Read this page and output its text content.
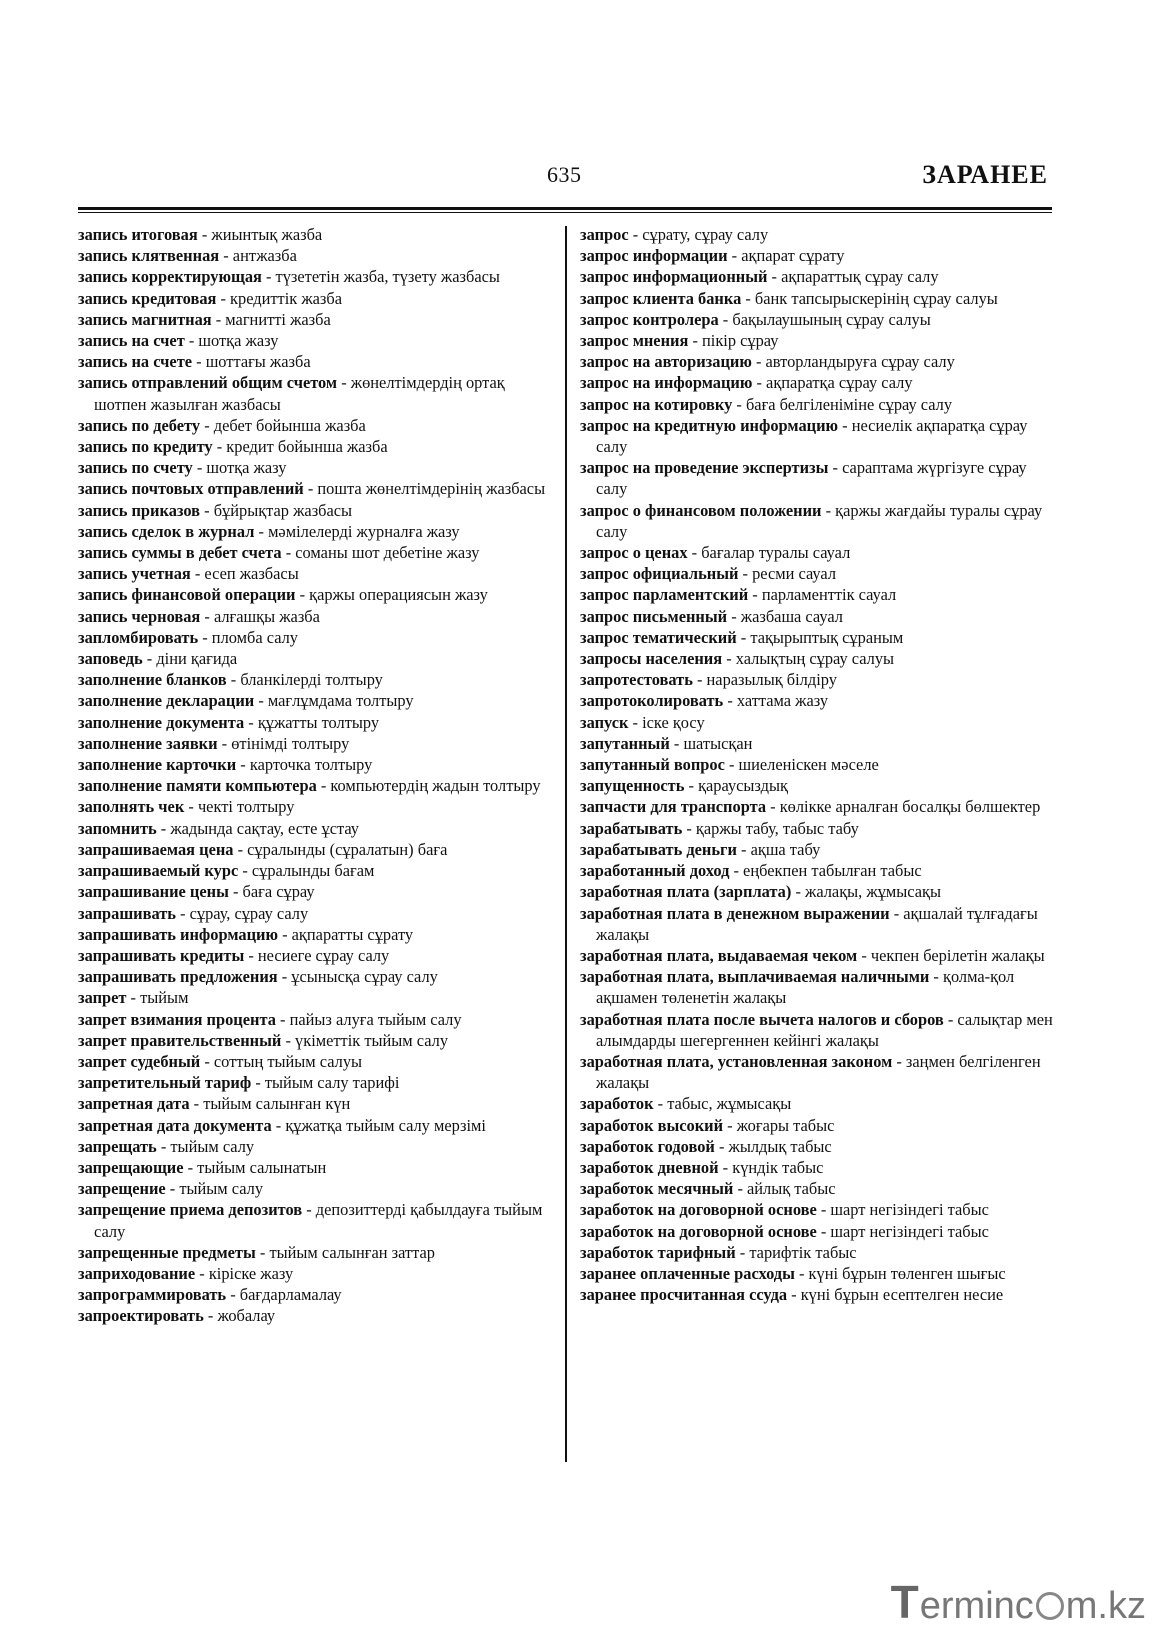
635	ЗАРАНЕЕ
запись итоговая - жиынтық жазба
запись клятвенная - антжазба
запись корректирующая - түзететін жазба, түзету жазбасы
запись кредитовая - кредиттік жазба
запись магнитная - магнитті жазба
запись на счет - шотқа жазу
запись на счете - шоттағы жазба
запись отправлений общим счетом - жөнелтімдердің ортақ шотпен жазылған жазбасы
запись по дебету - дебет бойынша жазба
запись по кредиту - кредит бойынша жазба
запись по счету - шотқа жазу
запись почтовых отправлений - пошта жөнелтімдерінің жазбасы
запись приказов - бұйрықтар жазбасы
запись сделок в журнал - мәмілелерді журналға жазу
запись суммы в дебет счета - соманы шот дебетіне жазу
запись учетная - есеп жазбасы
запись финансовой операции - қаржы операциясын жазу
запись черновая - алғашқы жазба
запломбировать - пломба салу
заповедь - діни қағида
заполнение бланков - бланкілерді толтыру
заполнение декларации - мағлұмдама толтыру
заполнение документа - құжатты толтыру
заполнение заявки - өтінімді толтыру
заполнение карточки - карточка толтыру
заполнение памяти компьютера - компьютердің жадын толтыру
заполнять чек - чекті толтыру
запомнить - жадында сақтау, есте ұстау
запрашиваемая цена - сұралынды (сұралатын) баға
запрашиваемый курс - сұралынды бағам
запрашивание цены - баға сұрау
запрашивать - сұрау, сұрау салу
запрашивать информацию - ақпаратты сұрату
запрашивать кредиты - несиеге сұрау салу
запрашивать предложения - ұсынысқа сұрау салу
запрет - тыйым
запрет взимания процента - пайыз алуға тыйым салу
запрет правительственный - үкіметтік тыйым салу
запрет судебный - соттың тыйым салуы
запретительный тариф - тыйым салу тарифі
запретная дата - тыйым салынған күн
запретная дата документа - құжатқа тыйым салу мерзімі
запрещать - тыйым салу
запрещающие - тыйым салынатын
запрещение - тыйым салу
запрещение приема депозитов - депозиттерді қабылдауға тыйым салу
запрещенные предметы - тыйым салынған заттар
заприходование - кіріске жазу
запрограммировать - бағдарламалау
запроектировать - жобалау
запрос - сұрату, сұрау салу
запрос информации - ақпарат сұрату
запрос информационный - ақпараттық сұрау салу
запрос клиента банка - банк тапсырыскерінің сұрау салуы
запрос контролера - бақылаушының сұрау салуы
запрос мнения - пікір сұрау
запрос на авторизацию - авторландыруға сұрау салу
запрос на информацию - ақпаратқа сұрау салу
запрос на котировку - баға белгіленіміне сұрау салу
запрос на кредитную информацию - несиелік ақпаратқа сұрау салу
запрос на проведение экспертизы - сараптама жүргізуге сұрау салу
запрос о финансовом положении - қаржы жағдайы туралы сұрау салу
запрос о ценах - бағалар туралы сауал
запрос официальный - ресми сауал
запрос парламентский - парламенттік сауал
запрос письменный - жазбаша сауал
запрос тематический - тақырыптық сұраным
запросы населения - халықтың сұрау салуы
запротестовать - наразылық білдіру
запротоколировать - хаттама жазу
запуск - іске қосу
запутанный - шатысқан
запутанный вопрос - шиеленіскен мәселе
запущенность - қараусыздық
запчасти для транспорта - көлікке арналған босалқы бөлшектер
зарабатывать - қаржы табу, табыс табу
зарабатывать деньги - ақша табу
заработанный доход - еңбекпен табылған табыс
заработная плата (зарплата) - жалақы, жұмысақы
заработная плата в денежном выражении - ақшалай тұлғадағы жалақы
заработная плата, выдаваемая чеком - чекпен берілетін жалақы
заработная плата, выплачиваемая наличными - қолма-қол ақшамен төленетін жалақы
заработная плата после вычета налогов и сборов - салықтар мен алымдарды шегергеннен кейінгі жалақы
заработная плата, установленная законом - заңмен белгіленген жалақы
заработок - табыс, жұмысақы
заработок высокий - жоғары табыс
заработок годовой - жылдық табыс
заработок дневной - күндік табыс
заработок месячный - айлық табыс
заработок на договорной основе - шарт негізіндегі табыс
заработок на договорной основе - шарт негізіндегі табыс
заработок тарифный - тарифтік табыс
заранее оплаченные расходы - күні бұрын төленген шығыс
заранее просчитанная ссуда - күні бұрын есептелген несие
T erminc m.kz
